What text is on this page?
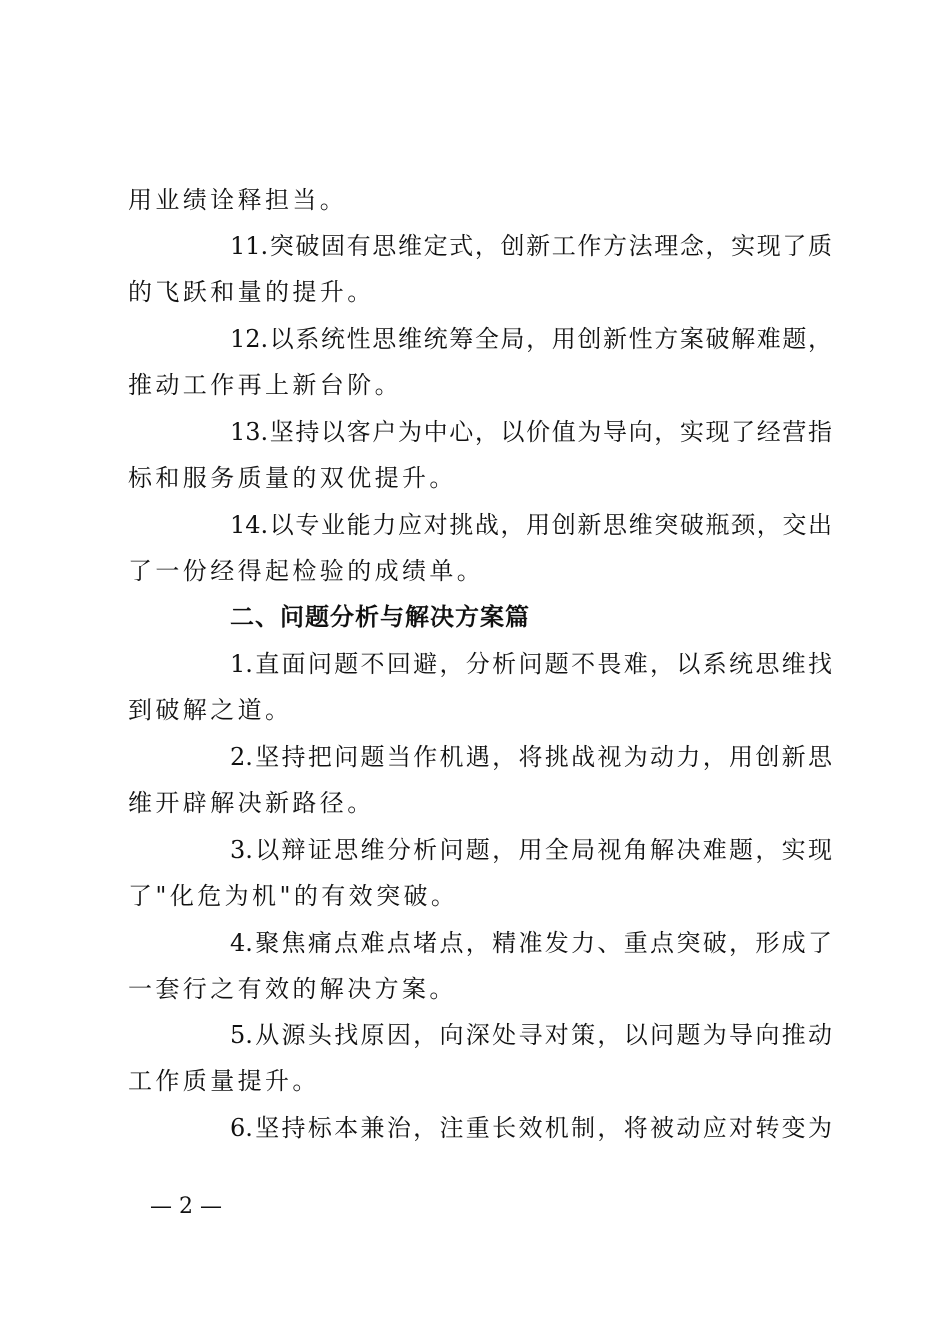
用业绩诠释担当。
11.突破固有思维定式，创新工作方法理念，实现了质
的飞跃和量的提升。
12.以系统性思维统筹全局，用创新性方案破解难题，
推动工作再上新台阶。
13.坚持以客户为中心，以价值为导向，实现了经营指
标和服务质量的双优提升。
14.以专业能力应对挑战，用创新思维突破瓶颈，交出
了一份经得起检验的成绩单。
二、问题分析与解决方案篇
1.直面问题不回避，分析问题不畏难，以系统思维找
到破解之道。
2.坚持把问题当作机遇，将挑战视为动力，用创新思
维开辟解决新路径。
3.以辩证思维分析问题，用全局视角解决难题，实现
了"化危为机"的有效突破。
4.聚焦痛点难点堵点，精准发力、重点突破，形成了
一套行之有效的解决方案。
5.从源头找原因，向深处寻对策，以问题为导向推动
工作质量提升。
6.坚持标本兼治，注重长效机制，将被动应对转变为
— 2 —
